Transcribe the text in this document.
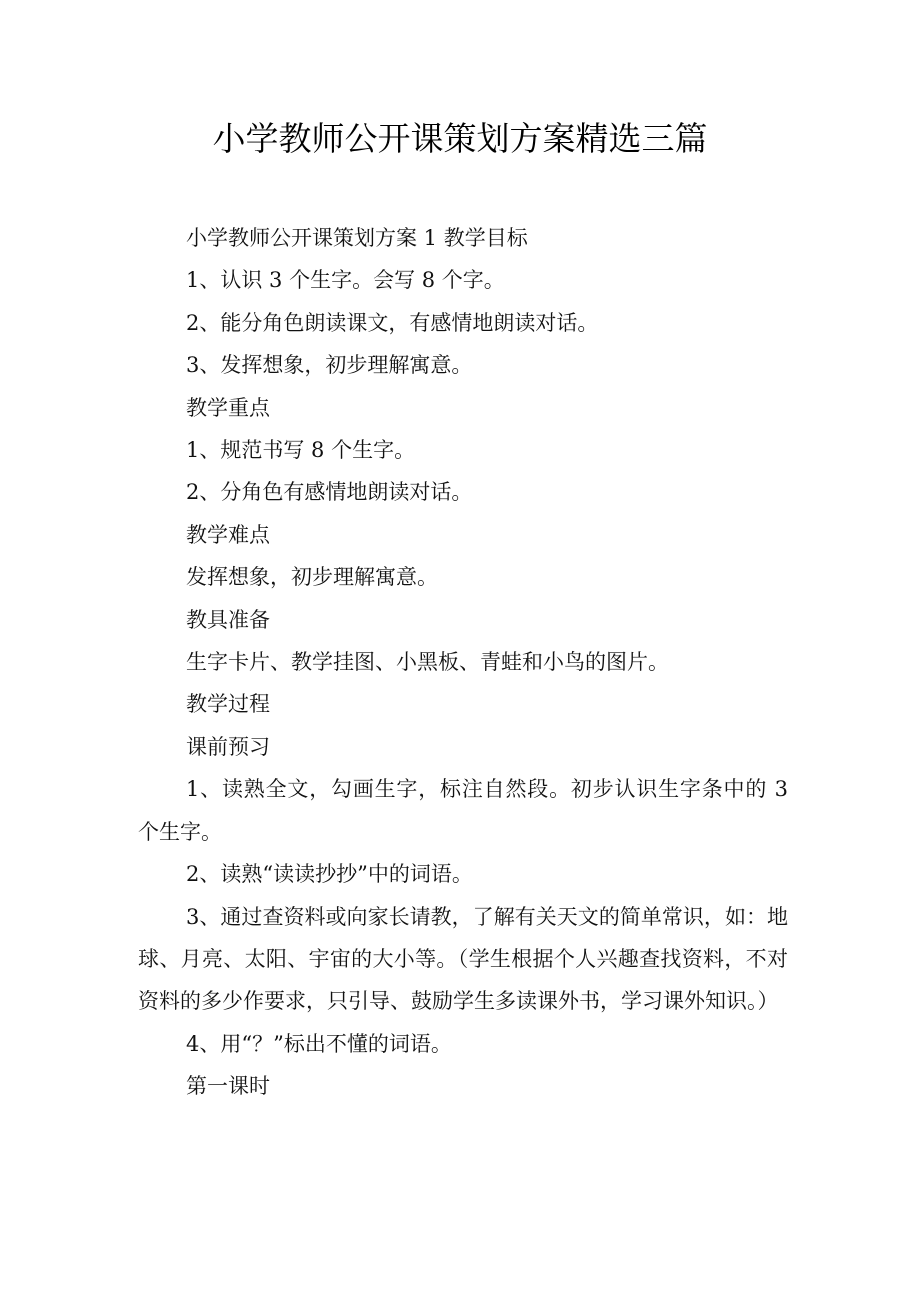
小学教师公开课策划方案精选三篇

小学教师公开课策划方案 1 教学目标

1、认识 3 个生字。会写 8 个字。

2、能分角色朗读课文，有感情地朗读对话。

3、发挥想象，初步理解寓意。

教学重点

1、规范书写 8 个生字。

2、分角色有感情地朗读对话。

教学难点

发挥想象，初步理解寓意。

教具准备

生字卡片、教学挂图、小黑板、青蛙和小鸟的图片。

教学过程

课前预习

1、读熟全文，勾画生字，标注自然段。初步认识生字条中的 3 个生字。

2、读熟“读读抄抄”中的词语。

3、通过查资料或向家长请教，了解有关天文的简单常识，如：地球、月亮、太阳、宇宙的大小等。（学生根据个人兴趣查找资料，不对资料的多少作要求，只引导、鼓励学生多读课外书，学习课外知识。）

4、用“？”标出不懂的词语。

第一课时
